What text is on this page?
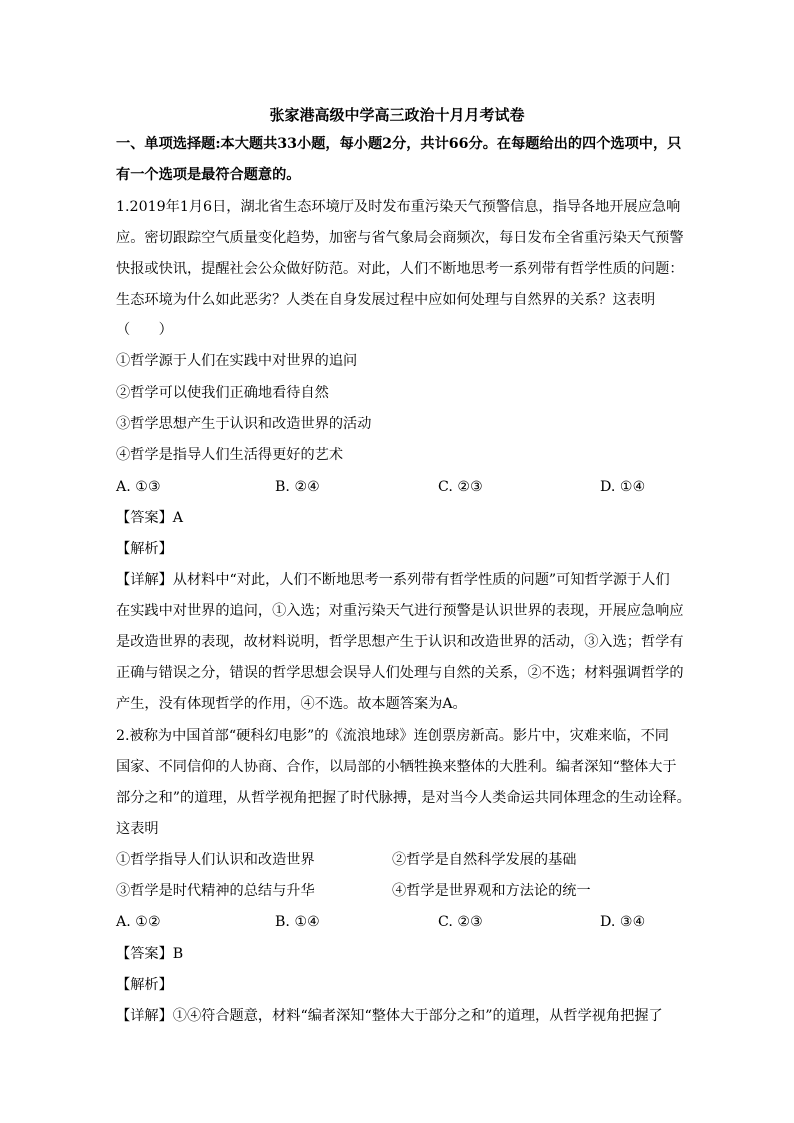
张家港高级中学高三政治十月月考试卷
一、单项选择题:本大题共33小题，每小题2分，共计66分。在每题给出的四个选项中，只
有一个选项是最符合题意的。
1.2019年1月6日，湖北省生态环境厅及时发布重污染天气预警信息，指导各地开展应急响
应。密切跟踪空气质量变化趋势，加密与省气象局会商频次，每日发布全省重污染天气预警
快报或快讯，提醒社会公众做好防范。对此，人们不断地思考一系列带有哲学性质的问题：
生态环境为什么如此恶劣？人类在自身发展过程中应如何处理与自然界的关系？这表明
（　　）
①哲学源于人们在实践中对世界的追问
②哲学可以使我们正确地看待自然
③哲学思想产生于认识和改造世界的活动
④哲学是指导人们生活得更好的艺术
A. ①③	B. ②④	C. ②③	D. ①④
【答案】A
【解析】
【详解】从材料中“对此，人们不断地思考一系列带有哲学性质的问题”可知哲学源于人们
在实践中对世界的追问，①入选；对重污染天气进行预警是认识世界的表现，开展应急响应
是改造世界的表现，故材料说明，哲学思想产生于认识和改造世界的活动，③入选；哲学有
正确与错误之分，错误的哲学思想会误导人们处理与自然的关系，②不选；材料强调哲学的
产生，没有体现哲学的作用，④不选。故本题答案为A。
2.被称为中国首部“硬科幻电影”的《流浪地球》连创票房新高。影片中，灾难来临，不同
国家、不同信仰的人协商、合作，以局部的小牺牲换来整体的大胜利。编者深知“整体大于
部分之和”的道理，从哲学视角把握了时代脉搏，是对当今人类命运共同体理念的生动诠释。
这表明
①哲学指导人们认识和改造世界	②哲学是自然科学发展的基础
③哲学是时代精神的总结与升华	④哲学是世界观和方法论的统一
A. ①②	B. ①④	C. ②③	D. ③④
【答案】B
【解析】
【详解】①④符合题意，材料“编者深知“整体大于部分之和”的道理，从哲学视角把握了
